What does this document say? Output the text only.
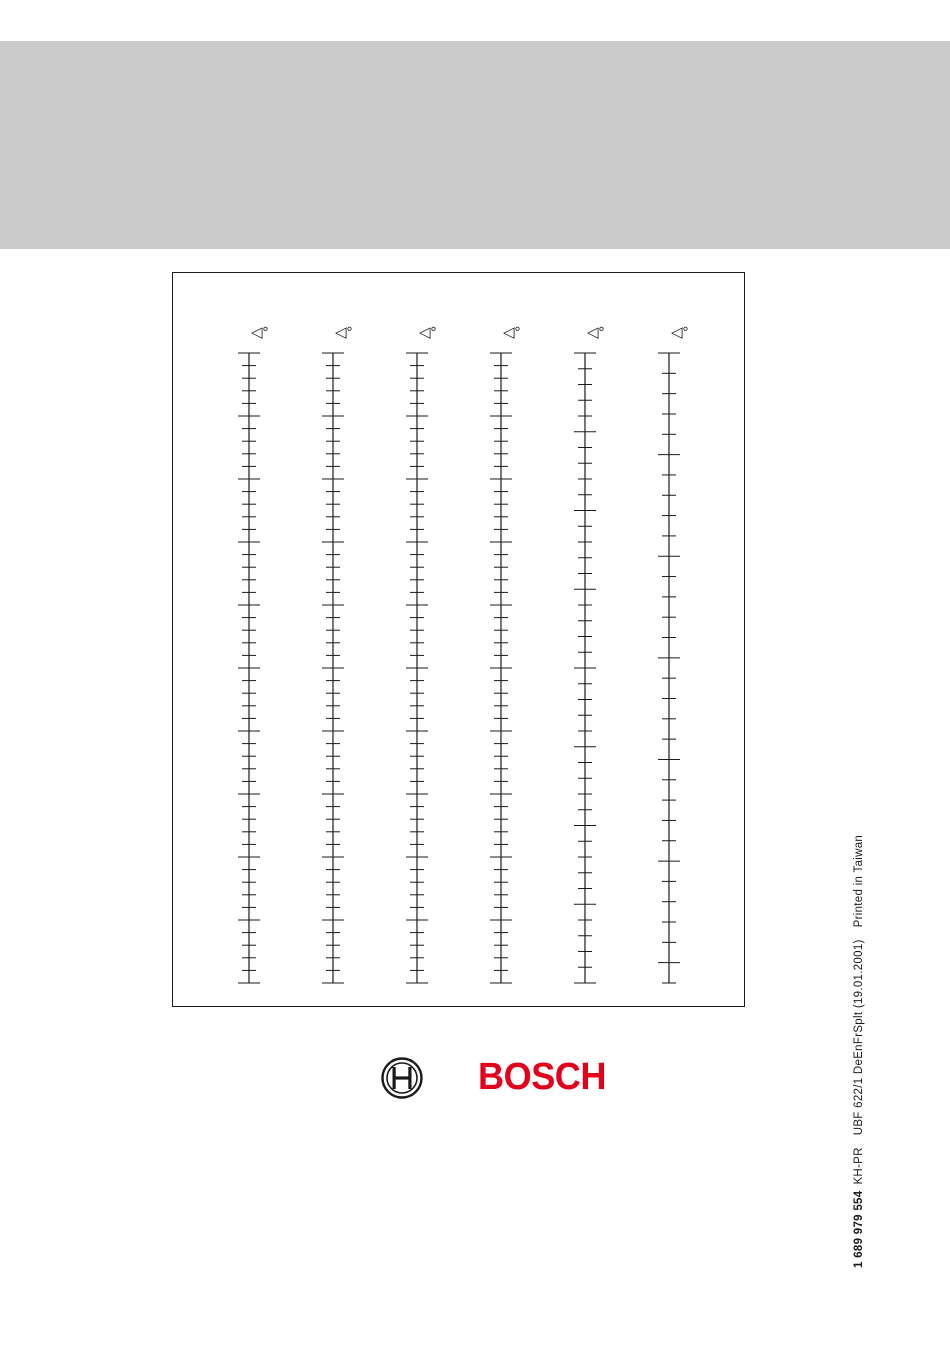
◁°	◁°	◁°	◁°	◁°	◁°
BOSCH
1 689 979 554KH-PRUBF 622/1 DeEnFrSplt (19.01.2001)Printed in Taiwan
